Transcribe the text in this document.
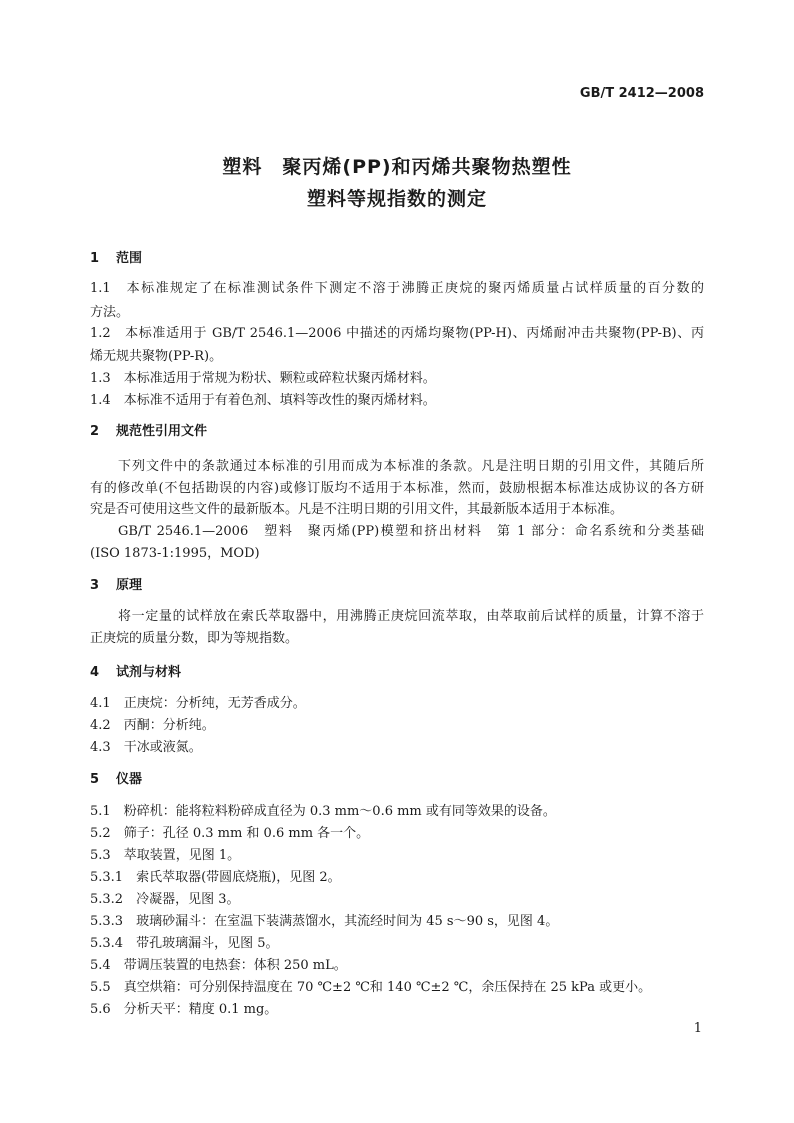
GB/T 2412—2008
塑料　聚丙烯(PP)和丙烯共聚物热塑性
塑料等规指数的测定
1 范围
1.1　 本标准规定了在标准测试条件下测定不溶于沸腾正庚烷的聚丙烯质量占试样质量的百分数的
方法。
1.2　 本标准适用于 GB/T 2546.1—2006 中描述的丙烯均聚物(PP-H)、丙烯耐冲击共聚物(PP-B)、丙
烯无规共聚物(PP-R)。
1.3　 本标准适用于常规为粉状、颗粒或碎粒状聚丙烯材料。
1.4　 本标准不适用于有着色剂、填料等改性的聚丙烯材料。
2 规范性引用文件
下列文件中的条款通过本标准的引用而成为本标准的条款。凡是注明日期的引用文件，其随后所
有的修改单(不包括勘误的内容)或修订版均不适用于本标准，然而，鼓励根据本标准达成协议的各方研
究是否可使用这些文件的最新版本。凡是不注明日期的引用文件，其最新版本适用于本标准。
GB/T 2546.1—2006　塑料　聚丙烯(PP)模塑和挤出材料　第 1 部分：命名系统和分类基础
(ISO 1873-1:1995，MOD)
3 原理
将一定量的试样放在索氏萃取器中，用沸腾正庚烷回流萃取，由萃取前后试样的质量，计算不溶于
正庚烷的质量分数，即为等规指数。
4 试剂与材料
4.1　 正庚烷：分析纯，无芳香成分。
4.2　 丙酮：分析纯。
4.3　 干冰或液氮。
5 仪器
5.1　 粉碎机：能将粒料粉碎成直径为 0.3 mm～0.6 mm 或有同等效果的设备。
5.2　 筛子：孔径 0.3 mm 和 0.6 mm 各一个。
5.3　 萃取装置，见图 1。
5.3.1　 索氏萃取器(带圆底烧瓶)，见图 2。
5.3.2　 冷凝器，见图 3。
5.3.3　 玻璃砂漏斗：在室温下装满蒸馏水，其流经时间为 45 s～90 s，见图 4。
5.3.4　 带孔玻璃漏斗，见图 5。
5.4　 带调压装置的电热套：体积 250 mL。
5.5　 真空烘箱：可分别保持温度在 70 ℃±2 ℃和 140 ℃±2 ℃，余压保持在 25 kPa 或更小。
5.6　 分析天平：精度 0.1 mg。
1
